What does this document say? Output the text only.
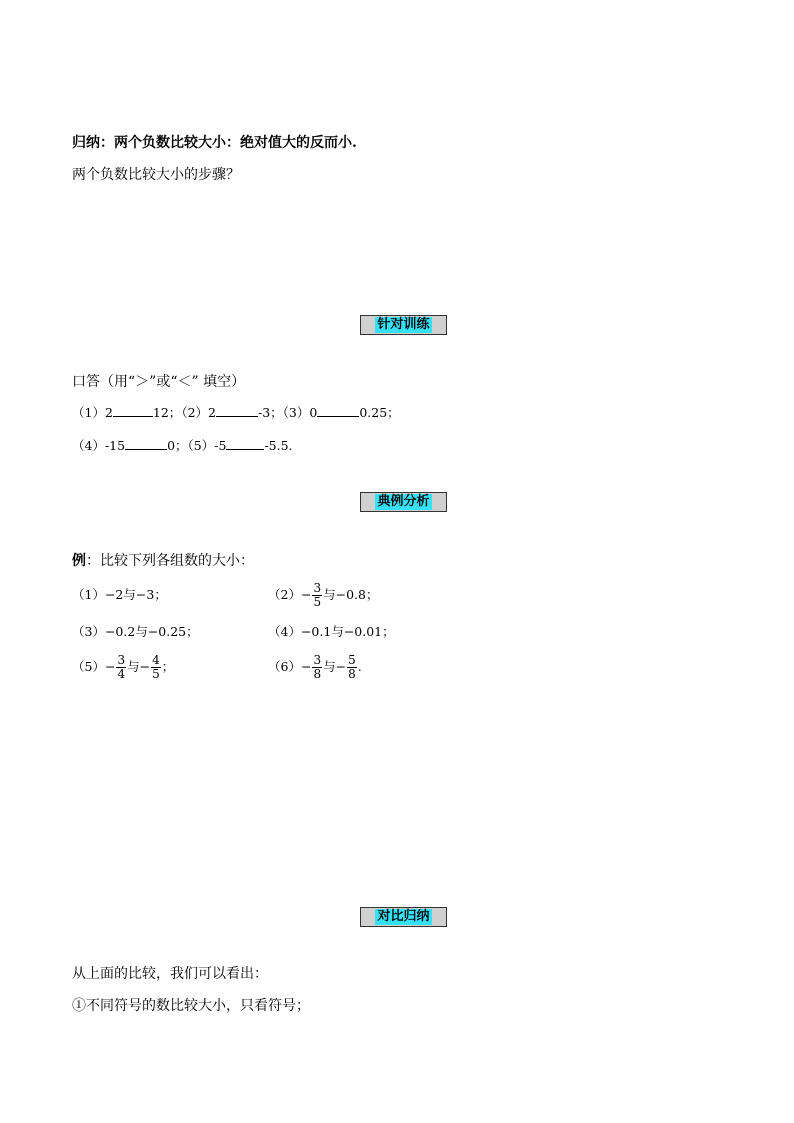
归纳：两个负数比较大小：绝对值大的反而小.
两个负数比较大小的步骤？
针对训练
口答（用“＞”或“＜” 填空）
（1）2	12；（2）2	-3；（3）0	0.25；
（4）-15	0；（5）-5	-5.5.
典例分析
例：比较下列各组数的大小：
（1） −2 与 −3 ；	$(2) - \frac{3}{5}$ 与 −0.8 ；
（3） −0.2 与 −0.25 ；	（4） −0.1 与 −0.01 ；
$(5) - \frac{3}{4}$ 与 − $\frac{4}{5}$ ；	$(6) - \frac{3}{8}$ 与 − $\frac{5}{8}$ .
对比归纳
从上面的比较，我们可以看出：
①不同符号的数比较大小，只看符号；
